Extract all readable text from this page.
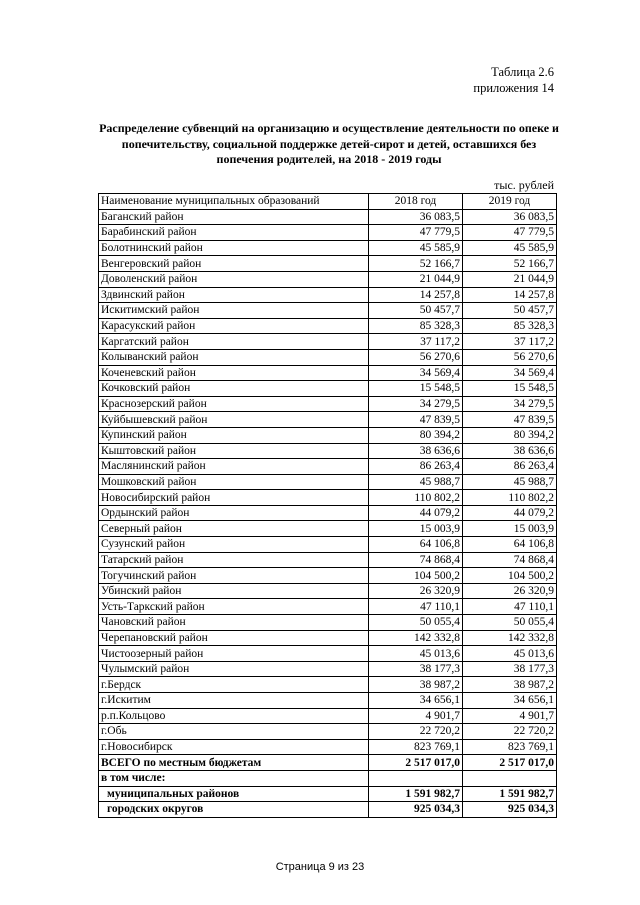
Таблица 2.6
приложения 14
Распределение субвенций на организацию и осуществление деятельности по опеке и попечительству, социальной поддержке детей-сирот и детей, оставшихся без попечения родителей, на 2018 - 2019 годы
тыс. рублей
Наименование муниципальных образований	2018 год	2019 год
Баганский район	36 083,5	36 083,5
Барабинский район	47 779,5	47 779,5
Болотнинский район	45 585,9	45 585,9
Венгеровский район	52 166,7	52 166,7
Доволенский район	21 044,9	21 044,9
Здвинский район	14 257,8	14 257,8
Искитимский район	50 457,7	50 457,7
Карасукский район	85 328,3	85 328,3
Каргатский район	37 117,2	37 117,2
Колыванский район	56 270,6	56 270,6
Коченевский район	34 569,4	34 569,4
Кочковский район	15 548,5	15 548,5
Краснозерский район	34 279,5	34 279,5
Куйбышевский район	47 839,5	47 839,5
Купинский район	80 394,2	80 394,2
Кыштовский район	38 636,6	38 636,6
Маслянинский район	86 263,4	86 263,4
Мошковский район	45 988,7	45 988,7
Новосибирский район	110 802,2	110 802,2
Ордынский район	44 079,2	44 079,2
Северный район	15 003,9	15 003,9
Сузунский район	64 106,8	64 106,8
Татарский район	74 868,4	74 868,4
Тогучинский район	104 500,2	104 500,2
Убинский район	26 320,9	26 320,9
Усть-Таркский район	47 110,1	47 110,1
Чановский район	50 055,4	50 055,4
Черепановский район	142 332,8	142 332,8
Чистоозерный район	45 013,6	45 013,6
Чулымский район	38 177,3	38 177,3
г.Бердск	38 987,2	38 987,2
г.Искитим	34 656,1	34 656,1
р.п.Кольцово	4 901,7	4 901,7
г.Обь	22 720,2	22 720,2
г.Новосибирск	823 769,1	823 769,1
ВСЕГО по местным бюджетам	2 517 017,0	2 517 017,0
в том числе:		
муниципальных районов	1 591 982,7	1 591 982,7
городских округов	925 034,3	925 034,3
Страница 9 из 23
